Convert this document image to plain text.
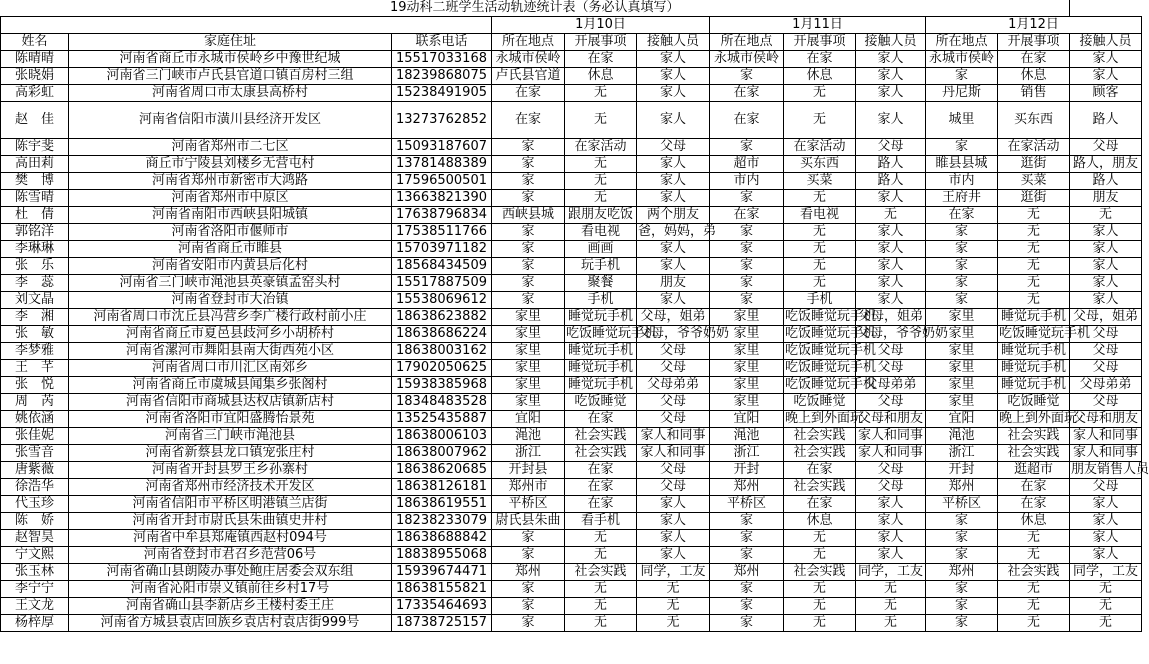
19动科二班学生活动轨迹统计表（务必认真填写）											
			1月10日			1月11日			1月12日		
姓名	家庭住址	联系电话	所在地点	开展事项	接触人员	所在地点	开展事项	接触人员	所在地点	开展事项	接触人员
陈晴晴	河南省商丘市永城市侯岭乡中豫世纪城	15517033168	永城市侯岭	在家	家人	永城市侯岭	在家	家人	永城市侯岭	在家	家人
张晓娟	河南省三门峡市卢氏县官道口镇百房村三组	18239868075	卢氏县官道	休息	家人	家	休息	家人	家	休息	家人
高彩虹	河南省周口市太康县高桥村	15238491905	在家	无	家人	在家	无	家人	丹尼斯	销售	顾客
赵　佳	河南省信阳市潢川县经济开发区	13273762852	在家	无	家人	在家	无	家人	城里	买东西	路人
陈宇斐	河南省郑州市二七区	15093187607	家	在家活动	父母	家	在家活动	父母	家	在家活动	父母
高田莉	商丘市宁陵县刘楼乡无营屯村	13781488389	家	无	家人	超市	买东西	路人	睢县县城	逛街	路人，朋友
樊　博	河南省郑州市新密市大鸿路	17596500501	家	无	家人	市内	买菜	路人	市内	买菜	路人
陈雪晴	河南省郑州市中原区	13663821390	家	无	家人	家	无	家人	王府井	逛街	朋友
杜　倩	河南省南阳市西峡县阳城镇	17638796834	西峡县城	跟朋友吃饭	两个朋友	在家	看电视	无	在家	无	无
郭铭洋	河南省洛阳市偃师市	17538511766	家	看电视	爸，妈妈，弟	家	无	家人	家	无	家人
李琳琳	河南省商丘市睢县	15703971182	家	画画	家人	家	无	家人	家	无	家人
张　乐	河南省安阳市内黄县后化村	18568434509	家	玩手机	家人	家	无	家人	家	无	家人
李　蕊	河南省三门峡市渑池县英豪镇孟窑头村	15517887509	家	聚餐	朋友	家	无	家人	家	无	家人
刘文晶	河南省登封市大冶镇	15538069612	家	手机	家人	家	手机	家人	家	无	家人
李　湘	河南省周口市沈丘县冯营乡李广楼行政村前小庄	18638623882	家里	睡觉玩手机	父母，姐弟	家里	吃饭睡觉玩手机	父母，姐弟	家里	睡觉玩手机	父母，姐弟
张　敏	河南省商丘市夏邑县歧河乡小胡桥村	18638686224	家里	吃饭睡觉玩手机	父母，爷爷奶奶	家里	吃饭睡觉玩手机	父母，爷爷奶奶	家里	吃饭睡觉玩手机	父母
李梦雅	河南省漯河市舞阳县南大街西苑小区	18638003162	家里	睡觉玩手机	父母	家里	吃饭睡觉玩手机	父母	家里	睡觉玩手机	父母
王　芊	河南省周口市川汇区南郊乡	17902050625	家里	睡觉玩手机	父母	家里	吃饭睡觉玩手机	父母	家里	睡觉玩手机	父母
张　悦	河南省商丘市虞城县闻集乡张阁村	15938385968	家里	睡觉玩手机	父母弟弟	家里	吃饭睡觉玩手机	父母弟弟	家里	睡觉玩手机	父母弟弟
周　芮	河南省信阳市商城县达权店镇新店村	18348483528	家里	吃饭睡觉	父母	家里	吃饭睡觉	父母	家里	吃饭睡觉	父母
姚依涵	河南省洛阳市宜阳盛腾怡景苑	13525435887	宜阳	在家	父母	宜阳	晚上到外面玩	父母和朋友	宜阳	晚上到外面玩	父母和朋友
张佳妮	河南省三门峡市渑池县	18638006103	渑池	社会实践	家人和同事	渑池	社会实践	家人和同事	渑池	社会实践	家人和同事
张雪音	河南省新蔡县龙口镇宠张庄村	18638007962	浙江	社会实践	家人和同事	浙江	社会实践	家人和同事	浙江	社会实践	家人和同事
唐紫薇	河南省开封县罗王乡孙寨村	18638620685	开封县	在家	父母	开封	在家	父母	开封	逛超市	朋友销售人员
徐浩华	河南省郑州市经济技术开发区	18638126181	郑州市	在家	父母	郑州	社会实践	父母	郑州	在家	父母
代玉珍	河南省信阳市平桥区明港镇兰店街	18638619551	平桥区	在家	家人	平桥区	在家	家人	平桥区	在家	家人
陈　娇	河南省开封市尉氏县朱曲镇史井村	18238233079	尉氏县朱曲	看手机	家人	家	休息	家人	家	休息	家人
赵智昊	河南省中牟县郑庵镇西赵村094号	18638688842	家	无	家人	家	无	家人	家	无	家人
宁文熙	河南省登封市君召乡范营06号	18838955068	家	无	家人	家	无	家人	家	无	家人
张玉林	河南省确山县朗陵办事处鲍庄居委会双东组	15939674471	郑州	社会实践	同学，工友	郑州	社会实践	同学，工友	郑州	社会实践	同学，工友
李宁宁	河南省沁阳市崇义镇前往乡村17号	18638155821	家	无	无	家	无	无	家	无	无
王文龙	河南省确山县李新店乡王楼村委王庄	17335464693	家	无	无	家	无	无	家	无	无
杨梓厚	河南省方城县袁店回族乡袁店村袁店街999号	18738725157	家	无	无	家	无	无	家	无	无
